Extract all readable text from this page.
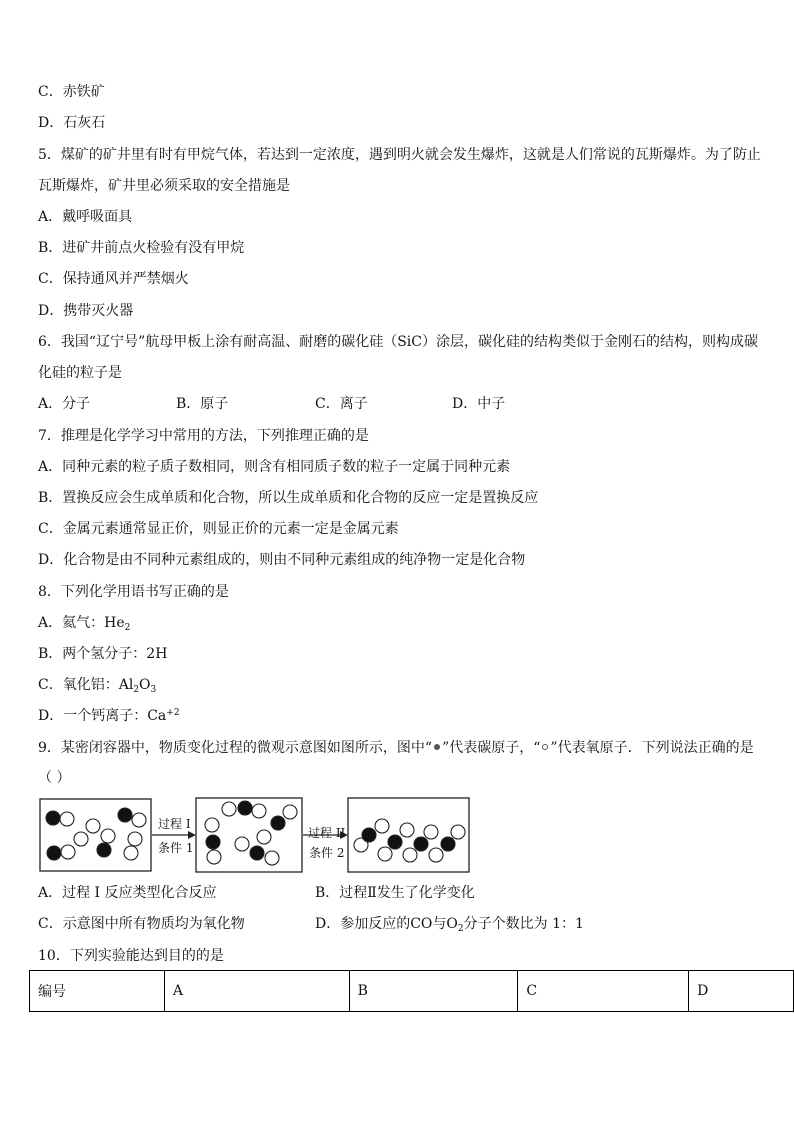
C．赤铁矿
D．石灰石
5．煤矿的矿井里有时有甲烷气体，若达到一定浓度，遇到明火就会发生爆炸，这就是人们常说的瓦斯爆炸。为了防止
瓦斯爆炸，矿井里必须采取的安全措施是
A．戴呼吸面具
B．进矿井前点火检验有没有甲烷
C．保持通风并严禁烟火
D．携带灭火器
6．我国“辽宁号”航母甲板上涂有耐高温、耐磨的碳化硅（SiC）涂层，碳化硅的结构类似于金刚石的结构，则构成碳
化硅的粒子是
A．分子	B．原子	C．离子	D．中子
7．推理是化学学习中常用的方法，下列推理正确的是
A．同种元素的粒子质子数相同，则含有相同质子数的粒子一定属于同种元素
B．置换反应会生成单质和化合物，所以生成单质和化合物的反应一定是置换反应
C．金属元素通常显正价，则显正价的元素一定是金属元素
D．化合物是由不同种元素组成的，则由不同种元素组成的纯净物一定是化合物
8．下列化学用语书写正确的是
A．氦气：$He_2$
B．两个氢分子：2H
C．氧化铝：$Al_2O_3$
D．一个钙离子：$Ca^{+2}$
9．某密闭容器中，物质变化过程的微观示意图如图所示，图中“ ”代表碳原子，“ ”代表氧原子．下列说法正确的是
（ ）
过程 I
条件 1
过程 II
条件 2
A．过程 I 反应类型化合反应	B．过程Ⅱ发生了化学变化
C．示意图中所有物质均为氧化物	D．参加反应的CO与$O_2$分子个数比为 1：1
10．下列实验能达到目的的是
编号	A	B	C	D
